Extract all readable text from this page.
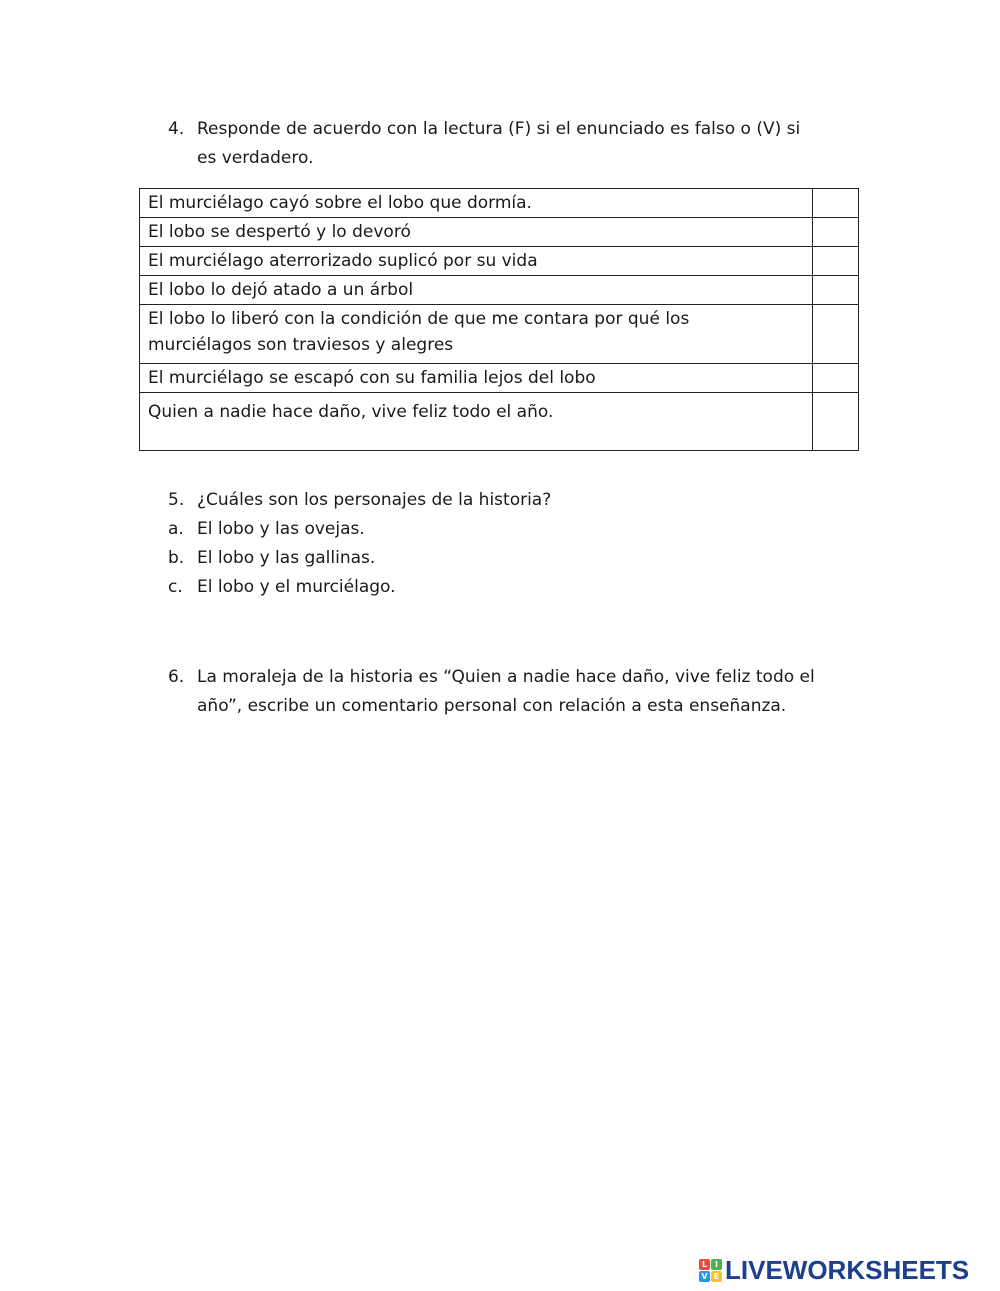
4. Responde de acuerdo con la lectura (F) si el enunciado es falso o (V) si
es verdadero.
El murciélago cayó sobre el lobo que dormía.	
El lobo se despertó y lo devoró	
El murciélago aterrorizado suplicó por su vida	
El lobo lo dejó atado a un árbol	

El lobo lo liberó con la condición de que me contara por qué los
murciélagos son traviesos y alegres	

El murciélago se escapó con su familia lejos del lobo	
Quien a nadie hace daño, vive feliz todo el año.	
5. ¿Cuáles son los personajes de la historia?
a. El lobo y las ovejas.
b. El lobo y las gallinas.
c. El lobo y el murciélago.
6. La moraleja de la historia es “Quien a nadie hace daño, vive feliz todo el
año”, escribe un comentario personal con relación a esta enseñanza.
L I
V E LIVEWORKSHEETS
